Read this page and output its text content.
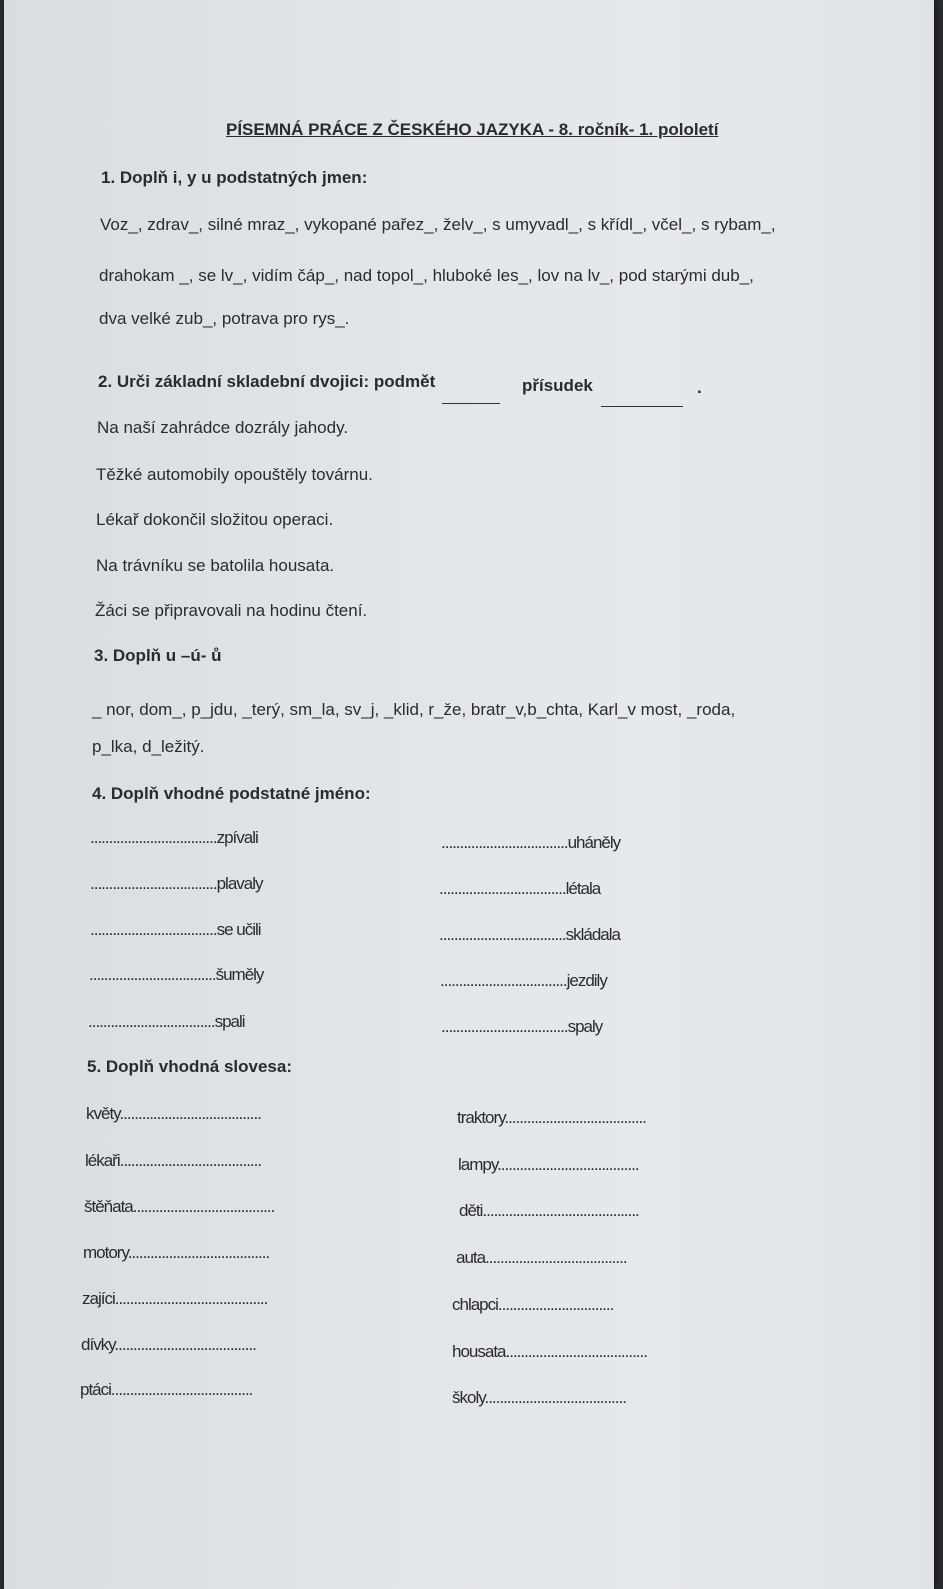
PÍSEMNÁ PRÁCE Z ČESKÉHO JAZYKA - 8. ročník- 1. pololetí
1. Doplň i, y u podstatných jmen:
Voz_, zdrav_, silné mraz_, vykopané pařez_, želv_, s umyvadl_, s křídl_, včel_, s rybam_,
drahokam _, se lv_, vidím čáp_, nad topol_, hluboké les_, lov na lv_, pod starými dub_,
dva velké zub_, potrava pro rys_.
2. Urči základní skladební dvojici: podmět	přísudek	.
Na naší zahrádce dozrály jahody.
Těžké automobily opouštěly továrnu.
Lékař dokončil složitou operaci.
Na trávníku se batolila housata.
Žáci se připravovali na hodinu čtení.
3. Doplň u –ú- ů
_ nor, dom_, p_jdu, _terý, sm_la, sv_j, _klid, r_že, bratr_v,b_chta, Karl_v most, _roda,
p_lka, d_ležitý.
4. Doplň vhodné podstatné jméno:
..................................zpívali
..................................plavaly
..................................se učili
..................................šuměly
..................................spali
..................................uháněly
..................................létala
..................................skládala
..................................jezdily
..................................spaly
5. Doplň vhodná slovesa:
květy......................................
lékaři......................................
štěňata......................................
motory......................................
zajíci.........................................
dívky......................................
ptáci......................................
traktory......................................
lampy......................................
děti..........................................
auta......................................
chlapci...............................
housata......................................
školy......................................
